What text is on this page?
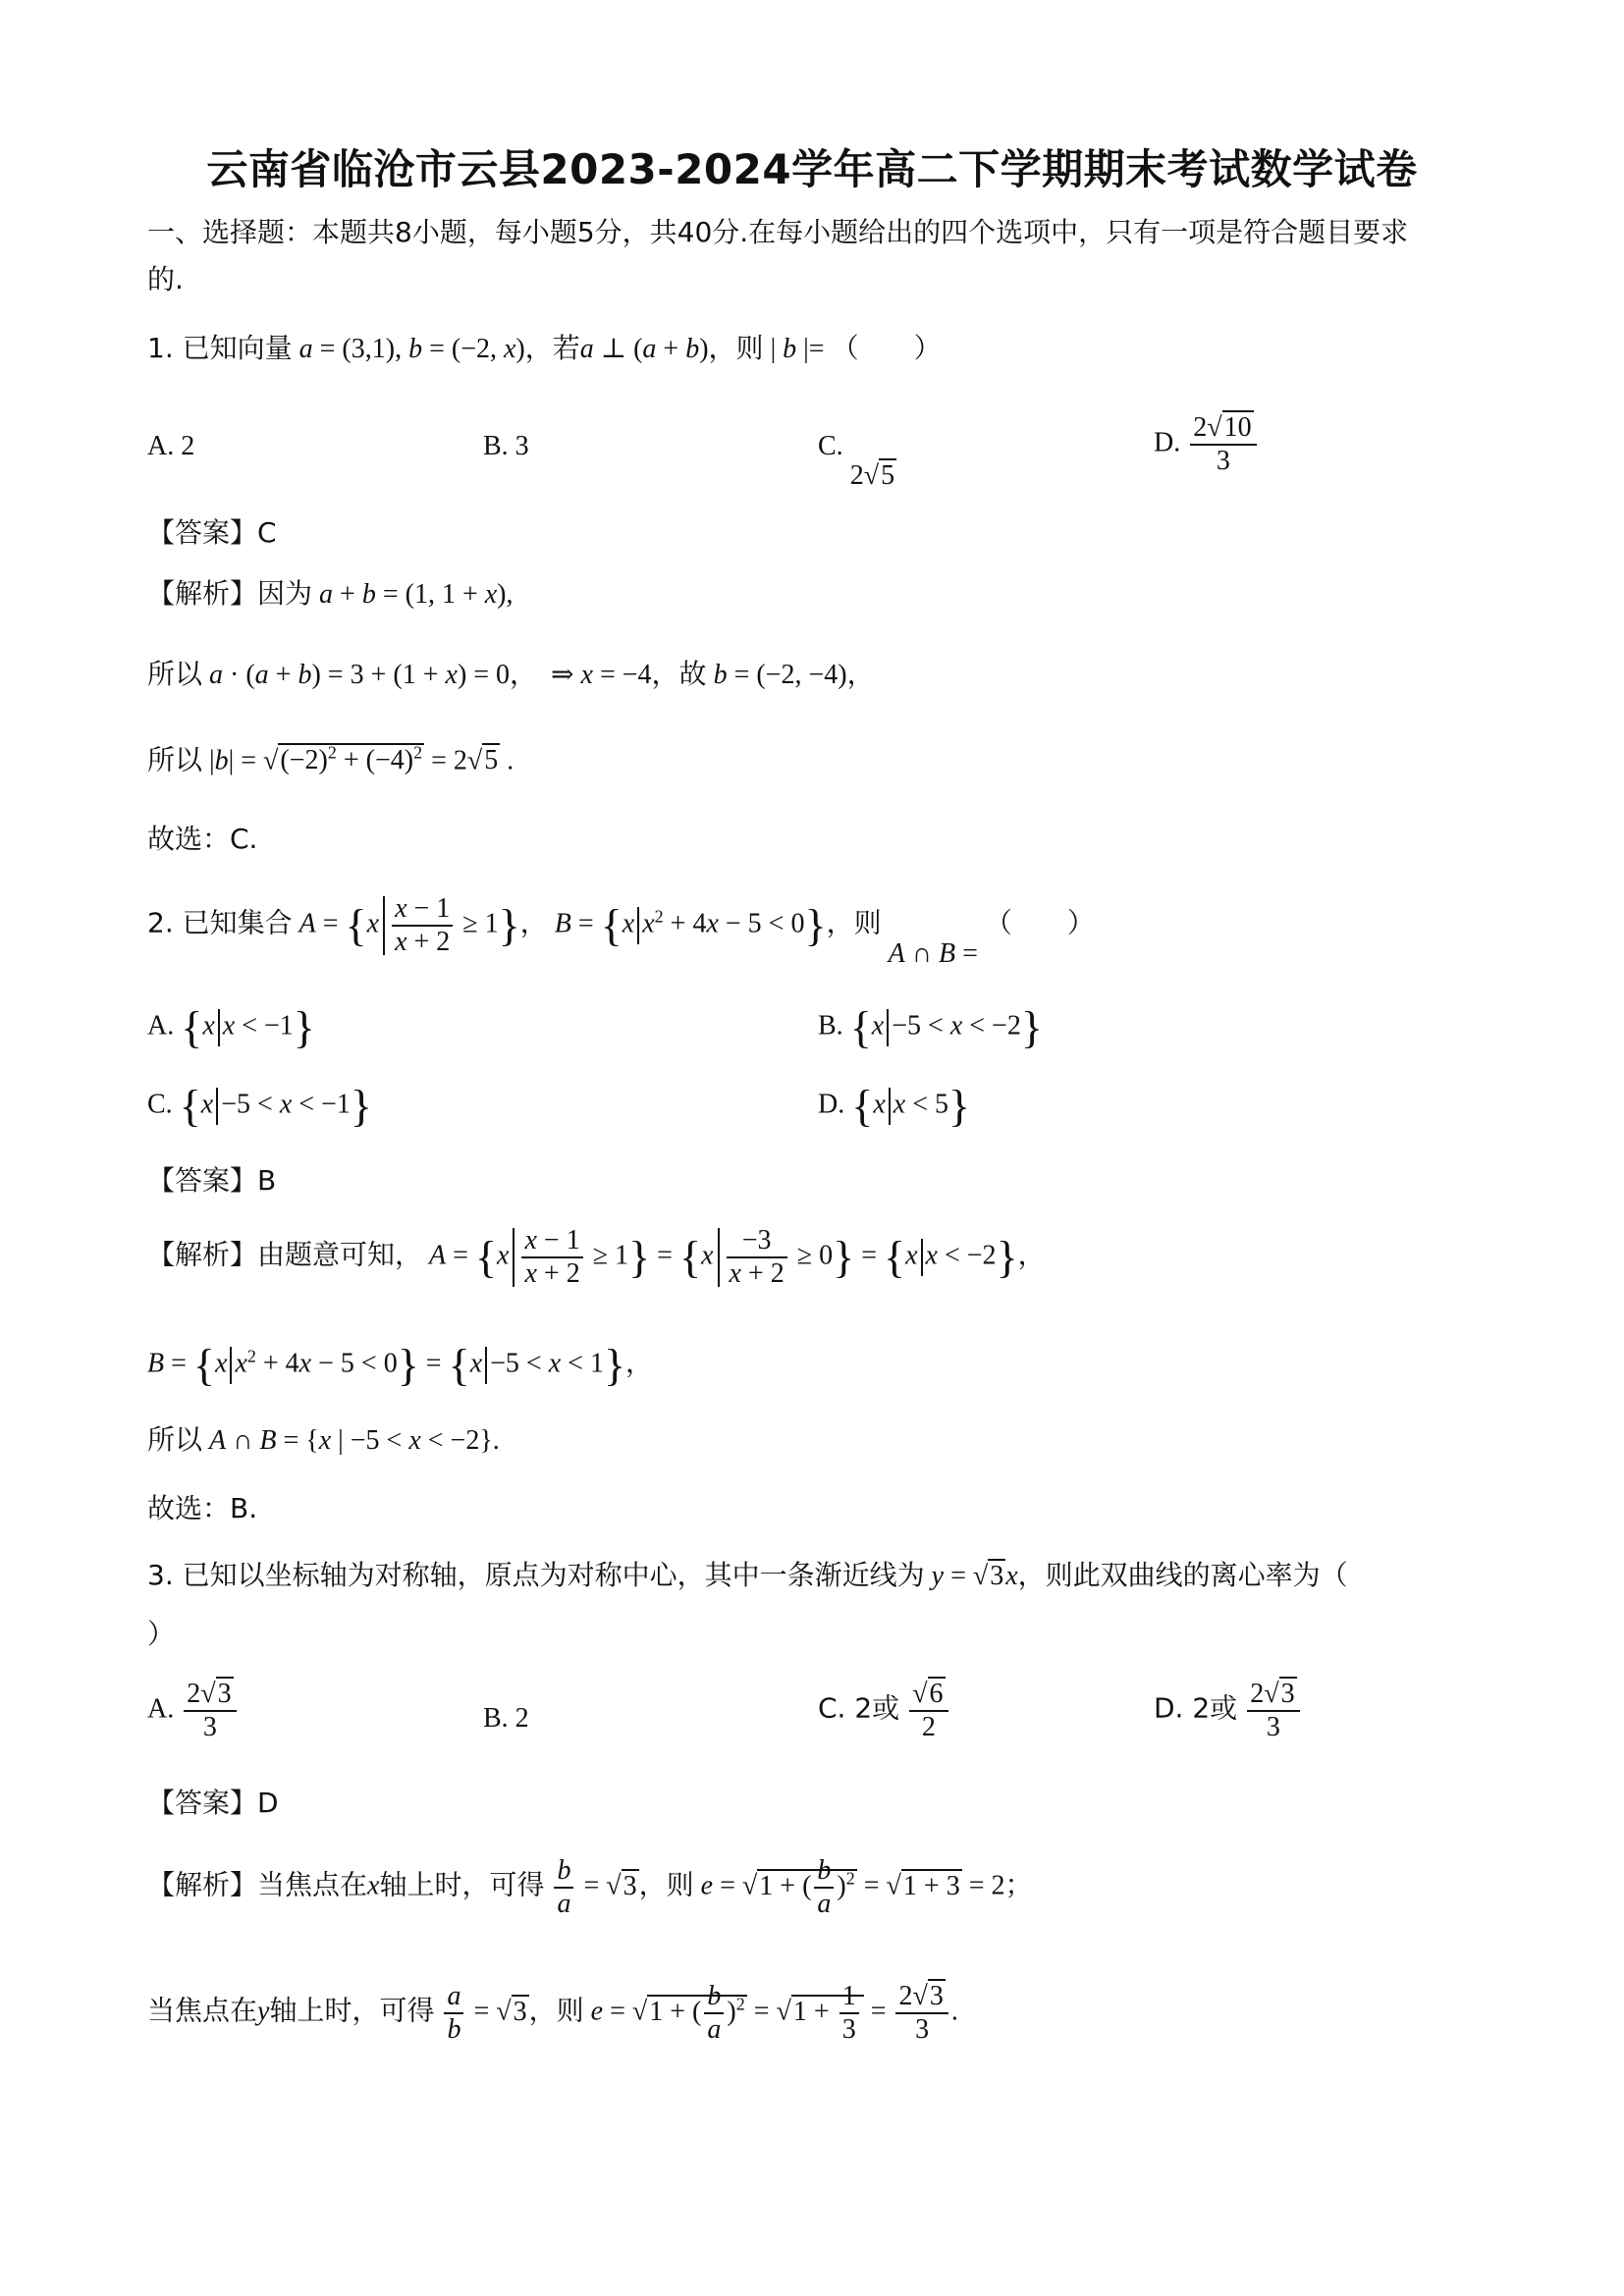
云南省临沧市云县2023-2024学年高二下学期期末考试数学试卷
一、选择题：本题共8小题，每小题5分，共40分.在每小题给出的四个选项中，只有一项是符合题目要求
的.
1. 已知向量 a = (3,1), b = (−2, x)，若a ⊥ (a + b)，则 | b |= （　　）
A. 2	B. 3	C. 2√5
D. $\frac{2√10}{3}$
【答案】C
【解析】因为 a + b = (1, 1 + x),
所以 a · (a + b) = 3 + (1 + x) = 0，  ⇒ x = −4，故 b = (−2, −4)，
所以 $|b| = √(-2)^2 + (-4)^2 = 2√5$ .
故选：C.
2. 已知集合 $A = \{x \frac{x - 1}{x + 2} \ge 1\}$， B = {x $x^2 + 4x - 5 < 0$}，则 A ∩ B = （　　）
A. {x x < −1}	B. {x −5 < x < −2}
C. {x −5 < x < −1}	D. {x x < 5}
【答案】B
【解析】由题意可知， $A = \{x \frac{x - 1}{x + 2} \ge 1\} = \{x \frac{-3}{x + 2} \ge 0\} = \{x$ x < −2}，
B = {x $x^2 + 4x - 5 < 0\} = \{x -5 < x < 1\}$，
所以 A ∩ B = {x | −5 < x < −2}.
故选：B.
3. 已知以坐标轴为对称轴，原点为对称中心，其中一条渐近线为 y = √3x，则此双曲线的离心率为（
）
A. $\frac{2√3}{3}$	B. 2	C. 2或 $\frac{√6}{2}$	D. 2或 $\frac{2√3}{3}$
【答案】D
【解析】当焦点在x轴上时，可得 $\frac{b}{a} = √3$，则 e = √1 + ( $\frac{b}{a} )^2 = √1 + 3 = 2$；
当焦点在y轴上时，可得 $\frac{a}{b} = √3$，则 e = √1 + ( $\frac{b}{a} )^2 = √1 + \frac{1}{3} = \frac{2√3}{3}$ .
